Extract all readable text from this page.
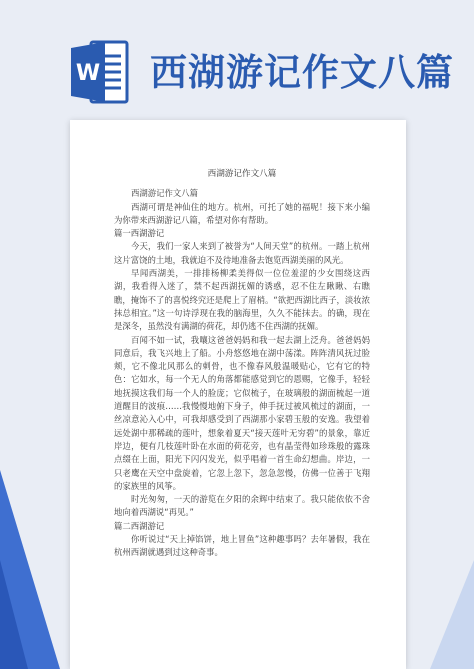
W 西湖游记作文八篇
西湖游记作文八篇

西湖游记作文八篇

西湖可谓是神仙住的地方。杭州，可托了她的福呢！接下来小编为你带来西湖游记八篇，希望对你有帮助。

篇一西湖游记

今天，我们一家人来到了被誉为“人间天堂”的杭州。一踏上杭州这片富饶的土地，我就迫不及待地准备去饱览西湖美丽的风光。

早闻西湖美，一排排杨柳柔美得似一位位羞涩的少女围绕这西湖，我看得入迷了，禁不起西湖抚媚的诱惑，忍不住左瞅瞅、右瞧瞧，掩饰不了的喜悦终究还是爬上了眉梢。“欲把西湖比西子，淡妆浓抹总相宜。”这一句诗浮现在我的脑海里，久久不能抹去。的确，现在是深冬，虽然没有满湖的荷花，却仍逃不住西湖的抚媚。

百闻不如一试，我嚷这爸爸妈妈和我一起去湖上泛舟。爸爸妈妈同意后，我飞兴地上了船。小舟悠悠地在湖中荡漾。阵阵清风抚过脸颊，它不像北风那么的刺骨，也不像春风般温暖贴心，它有它的特色：它如水，每一个无人的角落都能感觉到它的恩赐，它像手，轻轻地抚摸这我们每一个人的脸庞；它似梳子，在玻璃般的湖面梳起一道道醒目的波痕……我慢慢地俯下身子，伸手抚过被风梳过的湖面，一丝凉意沁入心中，可我却感受到了西湖那小家碧玉般的安逸。我望着远处湖中那稀疏的莲叶，想象着夏天“接天莲叶无穷碧”的景象，靠近岸边，便有几枝莲叶卧在水面的荷花旁，也有晶莹得如珍珠般的露珠点缀在上面，阳光下闪闪发光，似乎唱着一首生命幻想曲。岸边，一只老鹰在天空中盘旋着，它忽上忽下，忽急忽慢，仿佛一位善于飞翔的家族里的风筝。

时光匆匆，一天的游览在夕阳的余辉中结束了。我只能依依不舍地向着西湖说“再见。”

篇二西湖游记

你听说过“天上掉馅饼，地上冒鱼”这种趣事吗？去年暑假，我在杭州西湖就遇到过这种奇事。
